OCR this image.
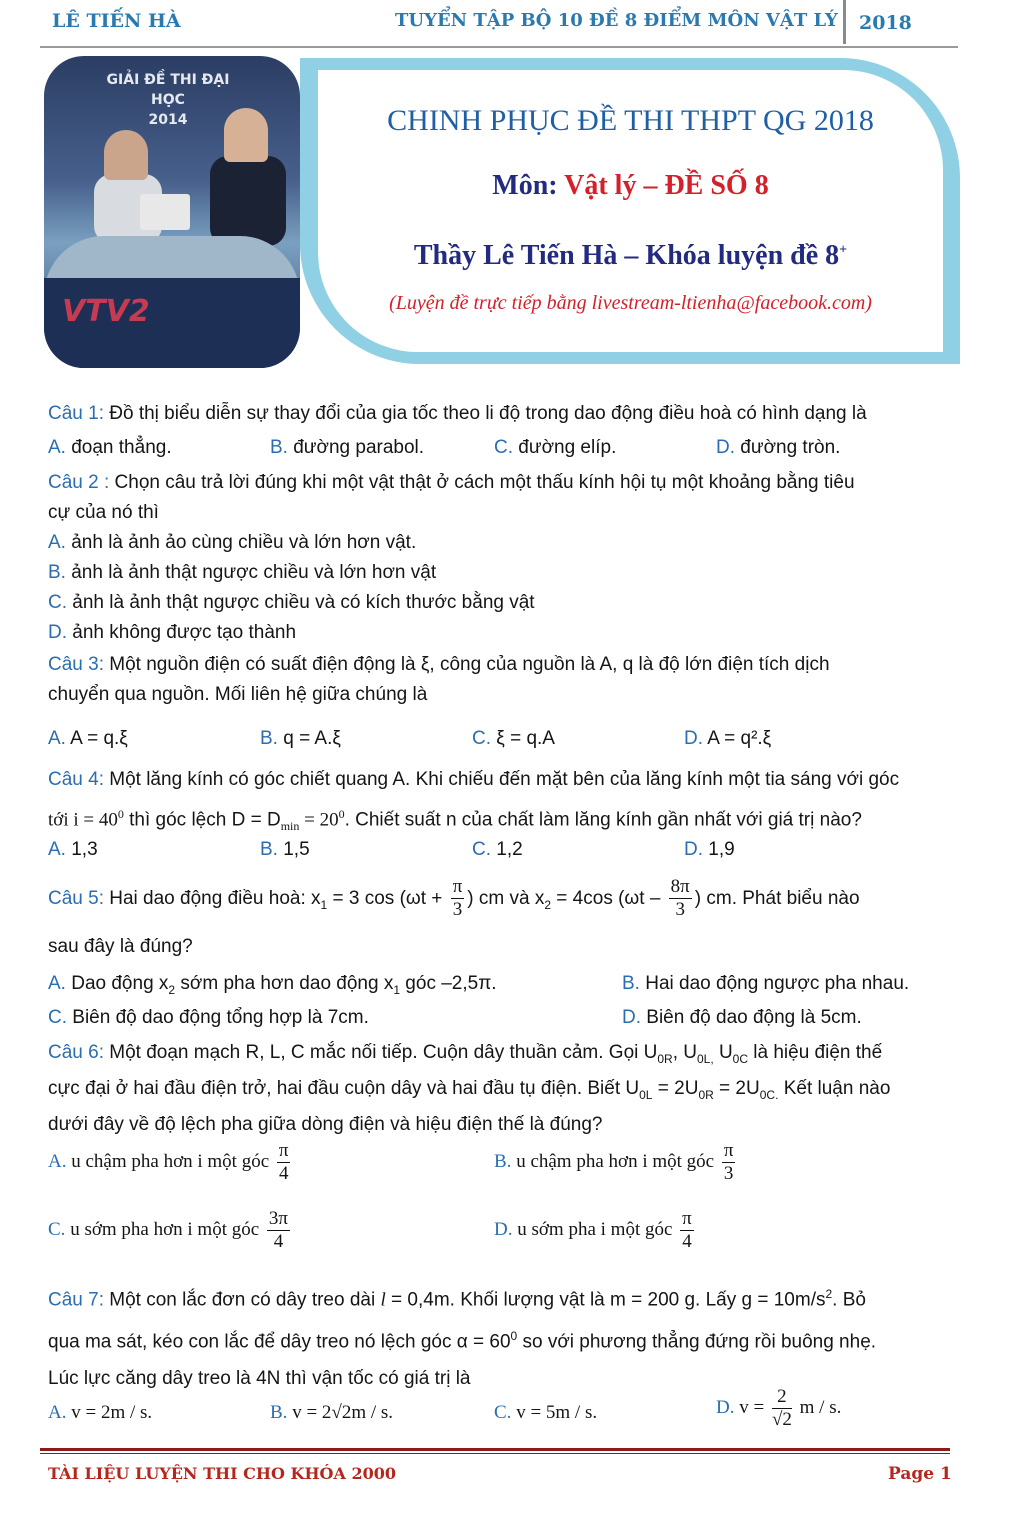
LÊ TIẾN HÀ	TUYỂN TẬP BỘ 10 ĐỀ 8 ĐIỂM MÔN VẬT LÝ 2018
CHINH PHỤC ĐỀ THI THPT QG 2018
Môn: Vật lý – ĐỀ SỐ 8
Thầy Lê Tiến Hà – Khóa luyện đề 8+
(Luyện đề trực tiếp bằng livestream-ltienha@facebook.com)
GIẢI ĐỀ THI ĐẠI HỌC
2014
VTV2
Câu 1: Đồ thị biểu diễn sự thay đổi của gia tốc theo li độ trong dao động điều hoà có hình dạng là
A. đoạn thẳng.	B. đường parabol.	C. đường elíp.	D. đường tròn.
Câu 2 : Chọn câu trả lời đúng khi một vật thật ở cách một thấu kính hội tụ một khoảng bằng tiêu
cự của nó thì
A. ảnh là ảnh ảo cùng chiều và lớn hơn vật.
B. ảnh là ảnh thật ngược chiều và lớn hơn vật
C. ảnh là ảnh thật ngược chiều và có kích thước bằng vật
D. ảnh không được tạo thành
Câu 3: Một nguồn điện có suất điện động là ξ, công của nguồn là A, q là độ lớn điện tích dịch
chuyển qua nguồn. Mối liên hệ giữa chúng là
A. A = q.ξ	B. q = A.ξ	C. ξ = q.A	D. A = q².ξ
Câu 4: Một lăng kính có góc chiết quang A. Khi chiếu đến mặt bên của lăng kính một tia sáng với góc
tới $i = 40^0$ thì góc lệch $D = D_{min} = 20^0$. Chiết suất n của chất làm lăng kính gần nhất với giá trị nào?
A. 1,3	B. 1,5	C. 1,2	D. 1,9
Câu 5: Hai dao động điều hoà: $x_1 = 3$ $\cos (\omega t + \frac{\pi}{3}$ ) cm và $x_2 = 4\cos$ ($\omega t - \frac{8\pi}{3}$ ) cm. Phát biểu nào
sau đây là đúng?
A. Dao động $x_2$ sớm pha hơn dao động $x_1$ góc –2,5π.	B. Hai dao động ngược pha nhau.
C. Biên độ dao động tổng hợp là 7cm.	D. Biên độ dao động là 5cm.
Câu 6: Một đoạn mạch R, L, C mắc nối tiếp. Cuộn dây thuần cảm. Gọi $U_{0R}$, $U_{0L,}$ $U_{0C}$ là hiệu điện thế
cực đại ở hai đầu điện trở, hai đầu cuộn dây và hai đầu tụ điện. Biết $U_{0L} = 2U_{0R} = 2U_{0C.}$ Kết luận nào
dưới đây về độ lệch pha giữa dòng điện và hiệu điện thế là đúng?
A. u chậm pha hơn i một góc $\frac{\pi}{4}$	B. u chậm pha hơn i một góc $\frac{\pi}{3}$
C. u sớm pha hơn i một góc $\frac{3\pi}{4}$	D. u sớm pha i một góc $\frac{\pi}{4}$
Câu 7: Một con lắc đơn có dây treo dài l = 0,4m. Khối lượng vật là m = 200 g. Lấy $g = 10m/s^2$. Bỏ
qua ma sát, kéo con lắc để dây treo nó lệch góc $\alpha = 60^0$ so với phương thẳng đứng rồi buông nhẹ.
Lúc lực căng dây treo là 4N thì vận tốc có giá trị là
A. v = 2m / s.	B. v = 2√2m / s.	C. v = 5m / s.	D. $v = \frac{2}{√2}$ m / s.
TÀI LIỆU LUYỆN THI CHO KHÓA 2000	Page 1
